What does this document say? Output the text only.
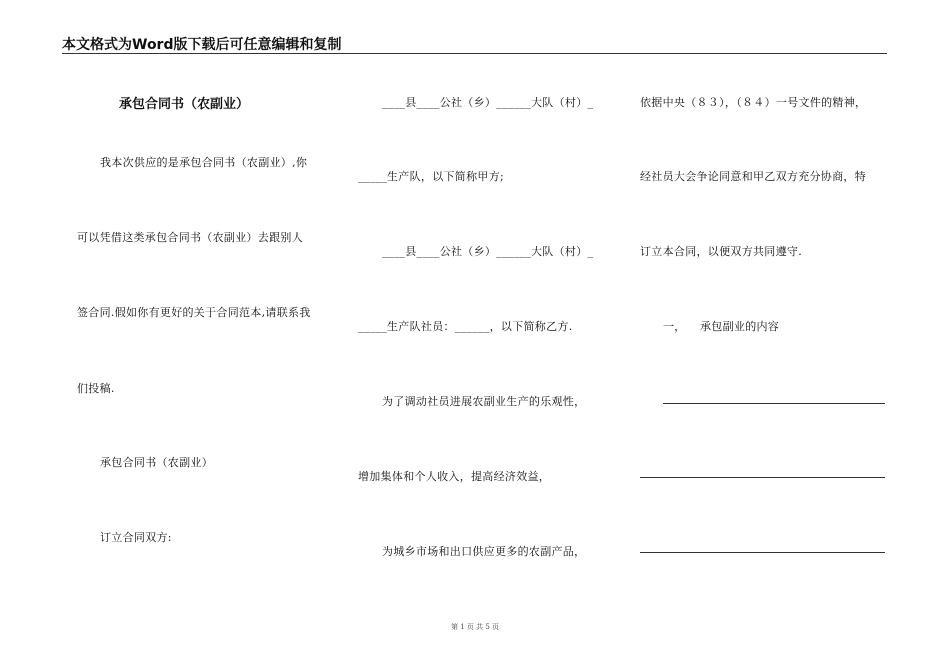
本文格式为Word版下载后可任意编辑和复制
承包合同书（农副业）
我本次供应的是承包合同书（农副业）,你
可以凭借这类承包合同书（农副业）去跟别人
签合同.假如你有更好的关于合同范本,请联系我
们投稿.
承包合同书（农副业）
订立合同双方:
____县____公社（乡）______大队（村）_
_____生产队，以下简称甲方;
____县____公社（乡）______大队（村）_
_____生产队社员：______，以下简称乙方.
为了调动社员进展农副业生产的乐观性，
增加集体和个人收入，提高经济效益，
为城乡市场和出口供应更多的农副产品，
依据中央（８３），（８４）一号文件的精神，
经社员大会争论同意和甲乙双方充分协商，特
订立本合同，以便双方共同遵守.
一， 承包副业的内容
第 1 页 共 5 页
